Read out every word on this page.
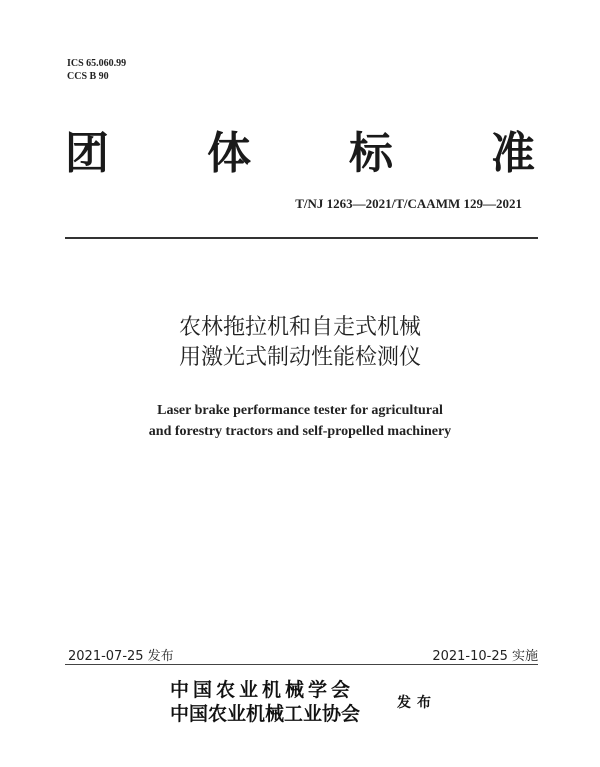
ICS 65.060.99
CCS B 90
团 体 标 准
T/NJ 1263—2021/T/CAAMM 129—2021
农林拖拉机和自走式机械
用激光式制动性能检测仪
Laser brake performance tester for agricultural
and forestry tractors and self-propelled machinery
2021-07-25 发布	2021-10-25 实施
中国农业机械学会
中国农业机械工业协会	发布
